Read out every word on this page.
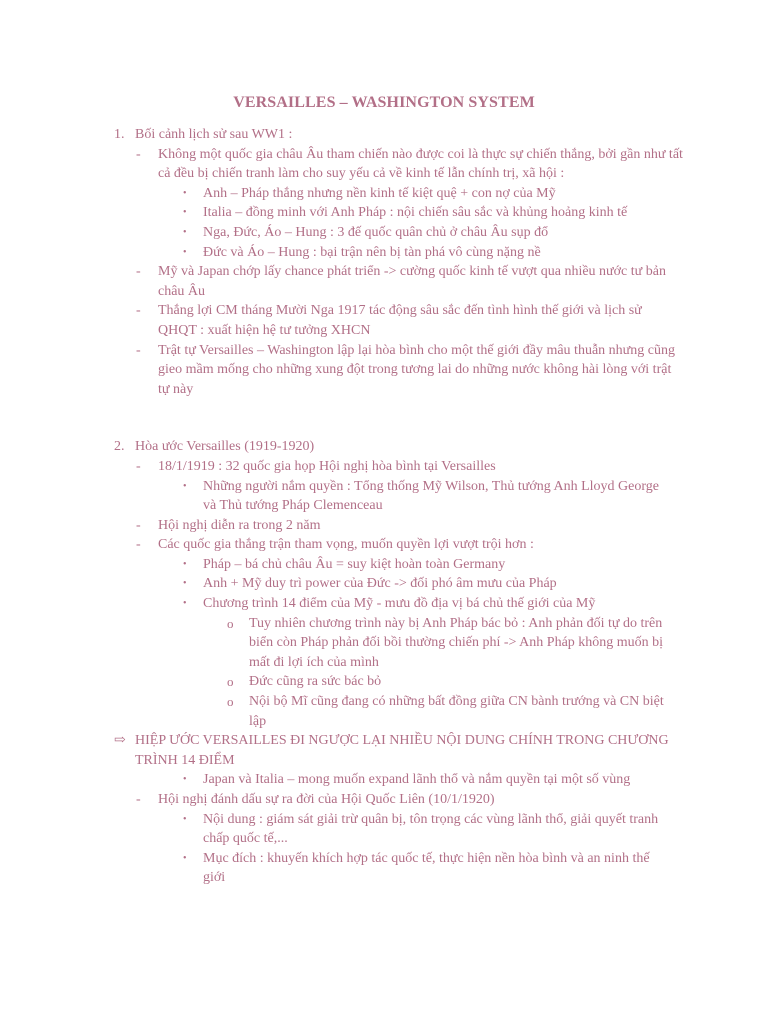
VERSAILLES – WASHINGTON SYSTEM
1. Bối cảnh lịch sử sau WW1 :
- Không một quốc gia châu Âu tham chiến nào được coi là thực sự chiến thắng, bởi gần như tất cả đều bị chiến tranh làm cho suy yếu cả về kinh tế lẫn chính trị, xã hội :
• Anh – Pháp thắng nhưng nền kinh tế kiệt quệ + con nợ của Mỹ
• Italia – đồng minh với Anh Pháp : nội chiến sâu sắc và khủng hoảng kinh tế
• Nga, Đức, Áo – Hung : 3 đế quốc quân chủ ở châu Âu sụp đổ
• Đức và Áo – Hung : bại trận nên bị tàn phá vô cùng nặng nề
- Mỹ và Japan chớp lấy chance phát triển -> cường quốc kinh tế vượt qua nhiều nước tư bản châu Âu
- Thắng lợi CM tháng Mười Nga 1917 tác động sâu sắc đến tình hình thế giới và lịch sử QHQT : xuất hiện hệ tư tưởng XHCN
- Trật tự Versailles – Washington lập lại hòa bình cho một thế giới đầy mâu thuẫn nhưng cũng gieo mầm mống cho những xung đột trong tương lai do những nước không hài lòng với trật tự này
2. Hòa ước Versailles (1919-1920)
- 18/1/1919 : 32 quốc gia họp Hội nghị hòa bình tại Versailles
• Những người nắm quyền : Tổng thống Mỹ Wilson, Thủ tướng Anh Lloyd George và Thủ tướng Pháp Clemenceau
- Hội nghị diễn ra trong 2 năm
- Các quốc gia thắng trận tham vọng, muốn quyền lợi vượt trội hơn :
• Pháp – bá chủ châu Âu = suy kiệt hoàn toàn Germany
• Anh + Mỹ duy trì power của Đức -> đối phó âm mưu của Pháp
• Chương trình 14 điểm của Mỹ - mưu đồ địa vị bá chủ thế giới của Mỹ
o Tuy nhiên chương trình này bị Anh Pháp bác bỏ : Anh phản đối tự do trên biển còn Pháp phản đối bồi thường chiến phí -> Anh Pháp không muốn bị mất đi lợi ích của mình
o Đức cũng ra sức bác bỏ
o Nội bộ Mĩ cũng đang có những bất đồng giữa CN bành trướng và CN biệt lập
⇨ HIỆP ƯỚC VERSAILLES ĐI NGƯỢC LẠI NHIỀU NỘI DUNG CHÍNH TRONG CHƯƠNG TRÌNH 14 ĐIỂM
• Japan và Italia – mong muốn expand lãnh thổ và nắm quyền tại một số vùng
- Hội nghị đánh dấu sự ra đời của Hội Quốc Liên (10/1/1920)
• Nội dung : giám sát giải trừ quân bị, tôn trọng các vùng lãnh thổ, giải quyết tranh chấp quốc tế,...
• Mục đích : khuyến khích hợp tác quốc tế, thực hiện nền hòa bình và an ninh thế giới
